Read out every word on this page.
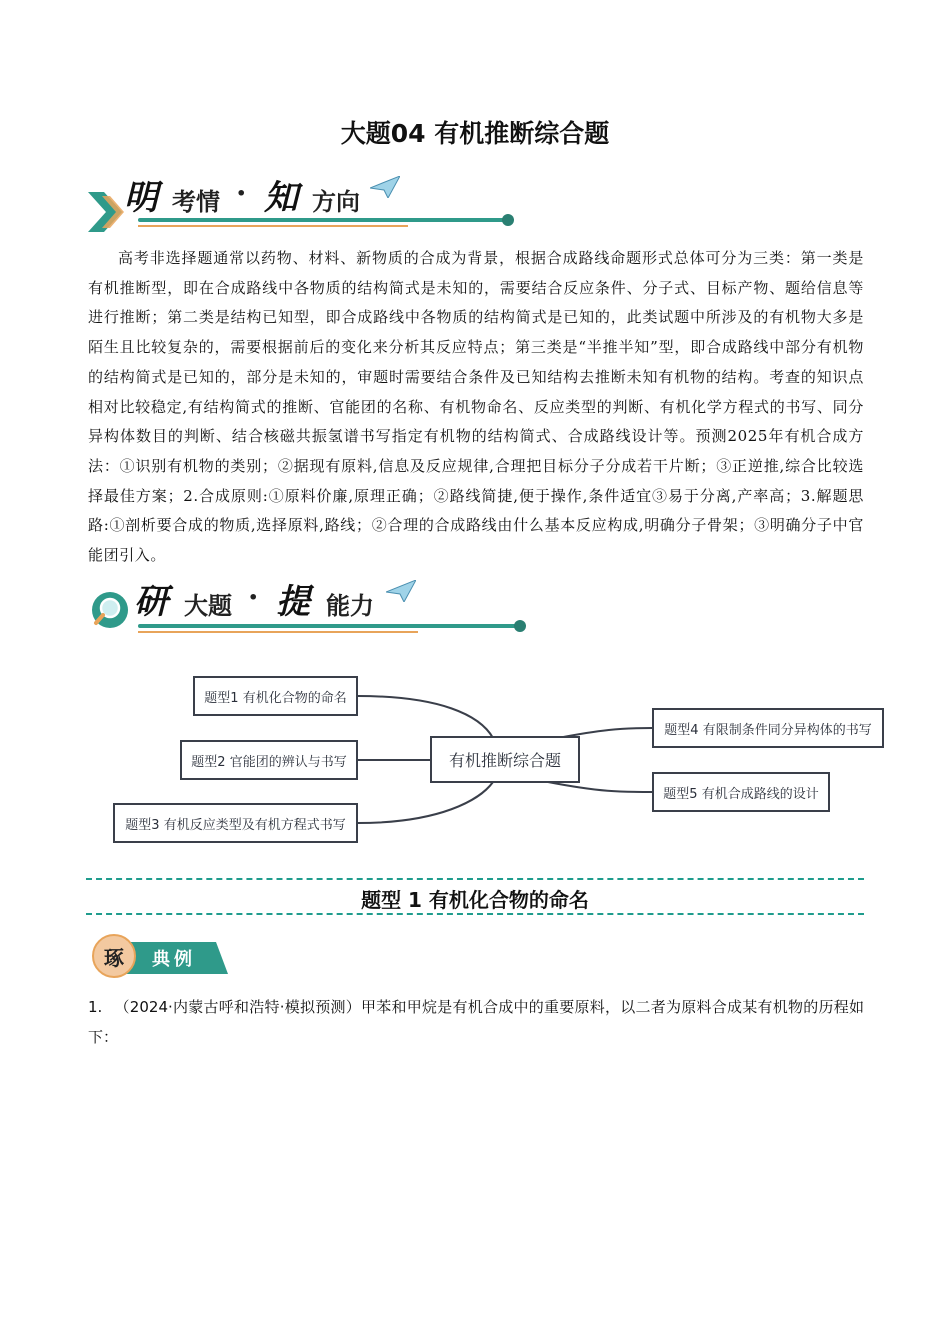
大题04 有机推断综合题
明 考情 · 知 方向

高考非选择题通常以药物、材料、新物质的合成为背景，根据合成路线命题形式总体可分为三类：第一类是有机推断型，即在合成路线中各物质的结构简式是未知的，需要结合反应条件、分子式、目标产物、题给信息等进行推断；第二类是结构已知型，即合成路线中各物质的结构简式是已知的，此类试题中所涉及的有机物大多是陌生且比较复杂的，需要根据前后的变化来分析其反应特点；第三类是“半推半知”型，即合成路线中部分有机物的结构简式是已知的，部分是未知的，审题时需要结合条件及已知结构去推断未知有机物的结构。考查的知识点相对比较稳定,有结构简式的推断、官能团的名称、有机物命名、反应类型的判断、有机化学方程式的书写、同分异构体数目的判断、结合核磁共振氢谱书写指定有机物的结构简式、合成路线设计等。预测2025年有机合成方法：①识别有机物的类别；②据现有原料,信息及反应规律,合理把目标分子分成若干片断；③正逆推,综合比较选择最佳方案；2.合成原则:①原料价廉,原理正确；②路线简捷,便于操作,条件适宜③易于分离,产率高；3.解题思路:①剖析要合成的物质,选择原料,路线；②合理的合成路线由什么基本反应构成,明确分子骨架；③明确分子中官能团引入。

研 大题 · 提 能力
题型1 有机化合物的命名
题型2 官能团的辨认与书写
题型3 有机反应类型及有机方程式书写
有机推断综合题
题型4 有限制条件同分异构体的书写
题型5 有机合成路线的设计
题型 1 有机化合物的命名
琢	典例
1. （2024·内蒙古呼和浩特·模拟预测）甲苯和甲烷是有机合成中的重要原料，以二者为原料合成某有机物的历程如下：
